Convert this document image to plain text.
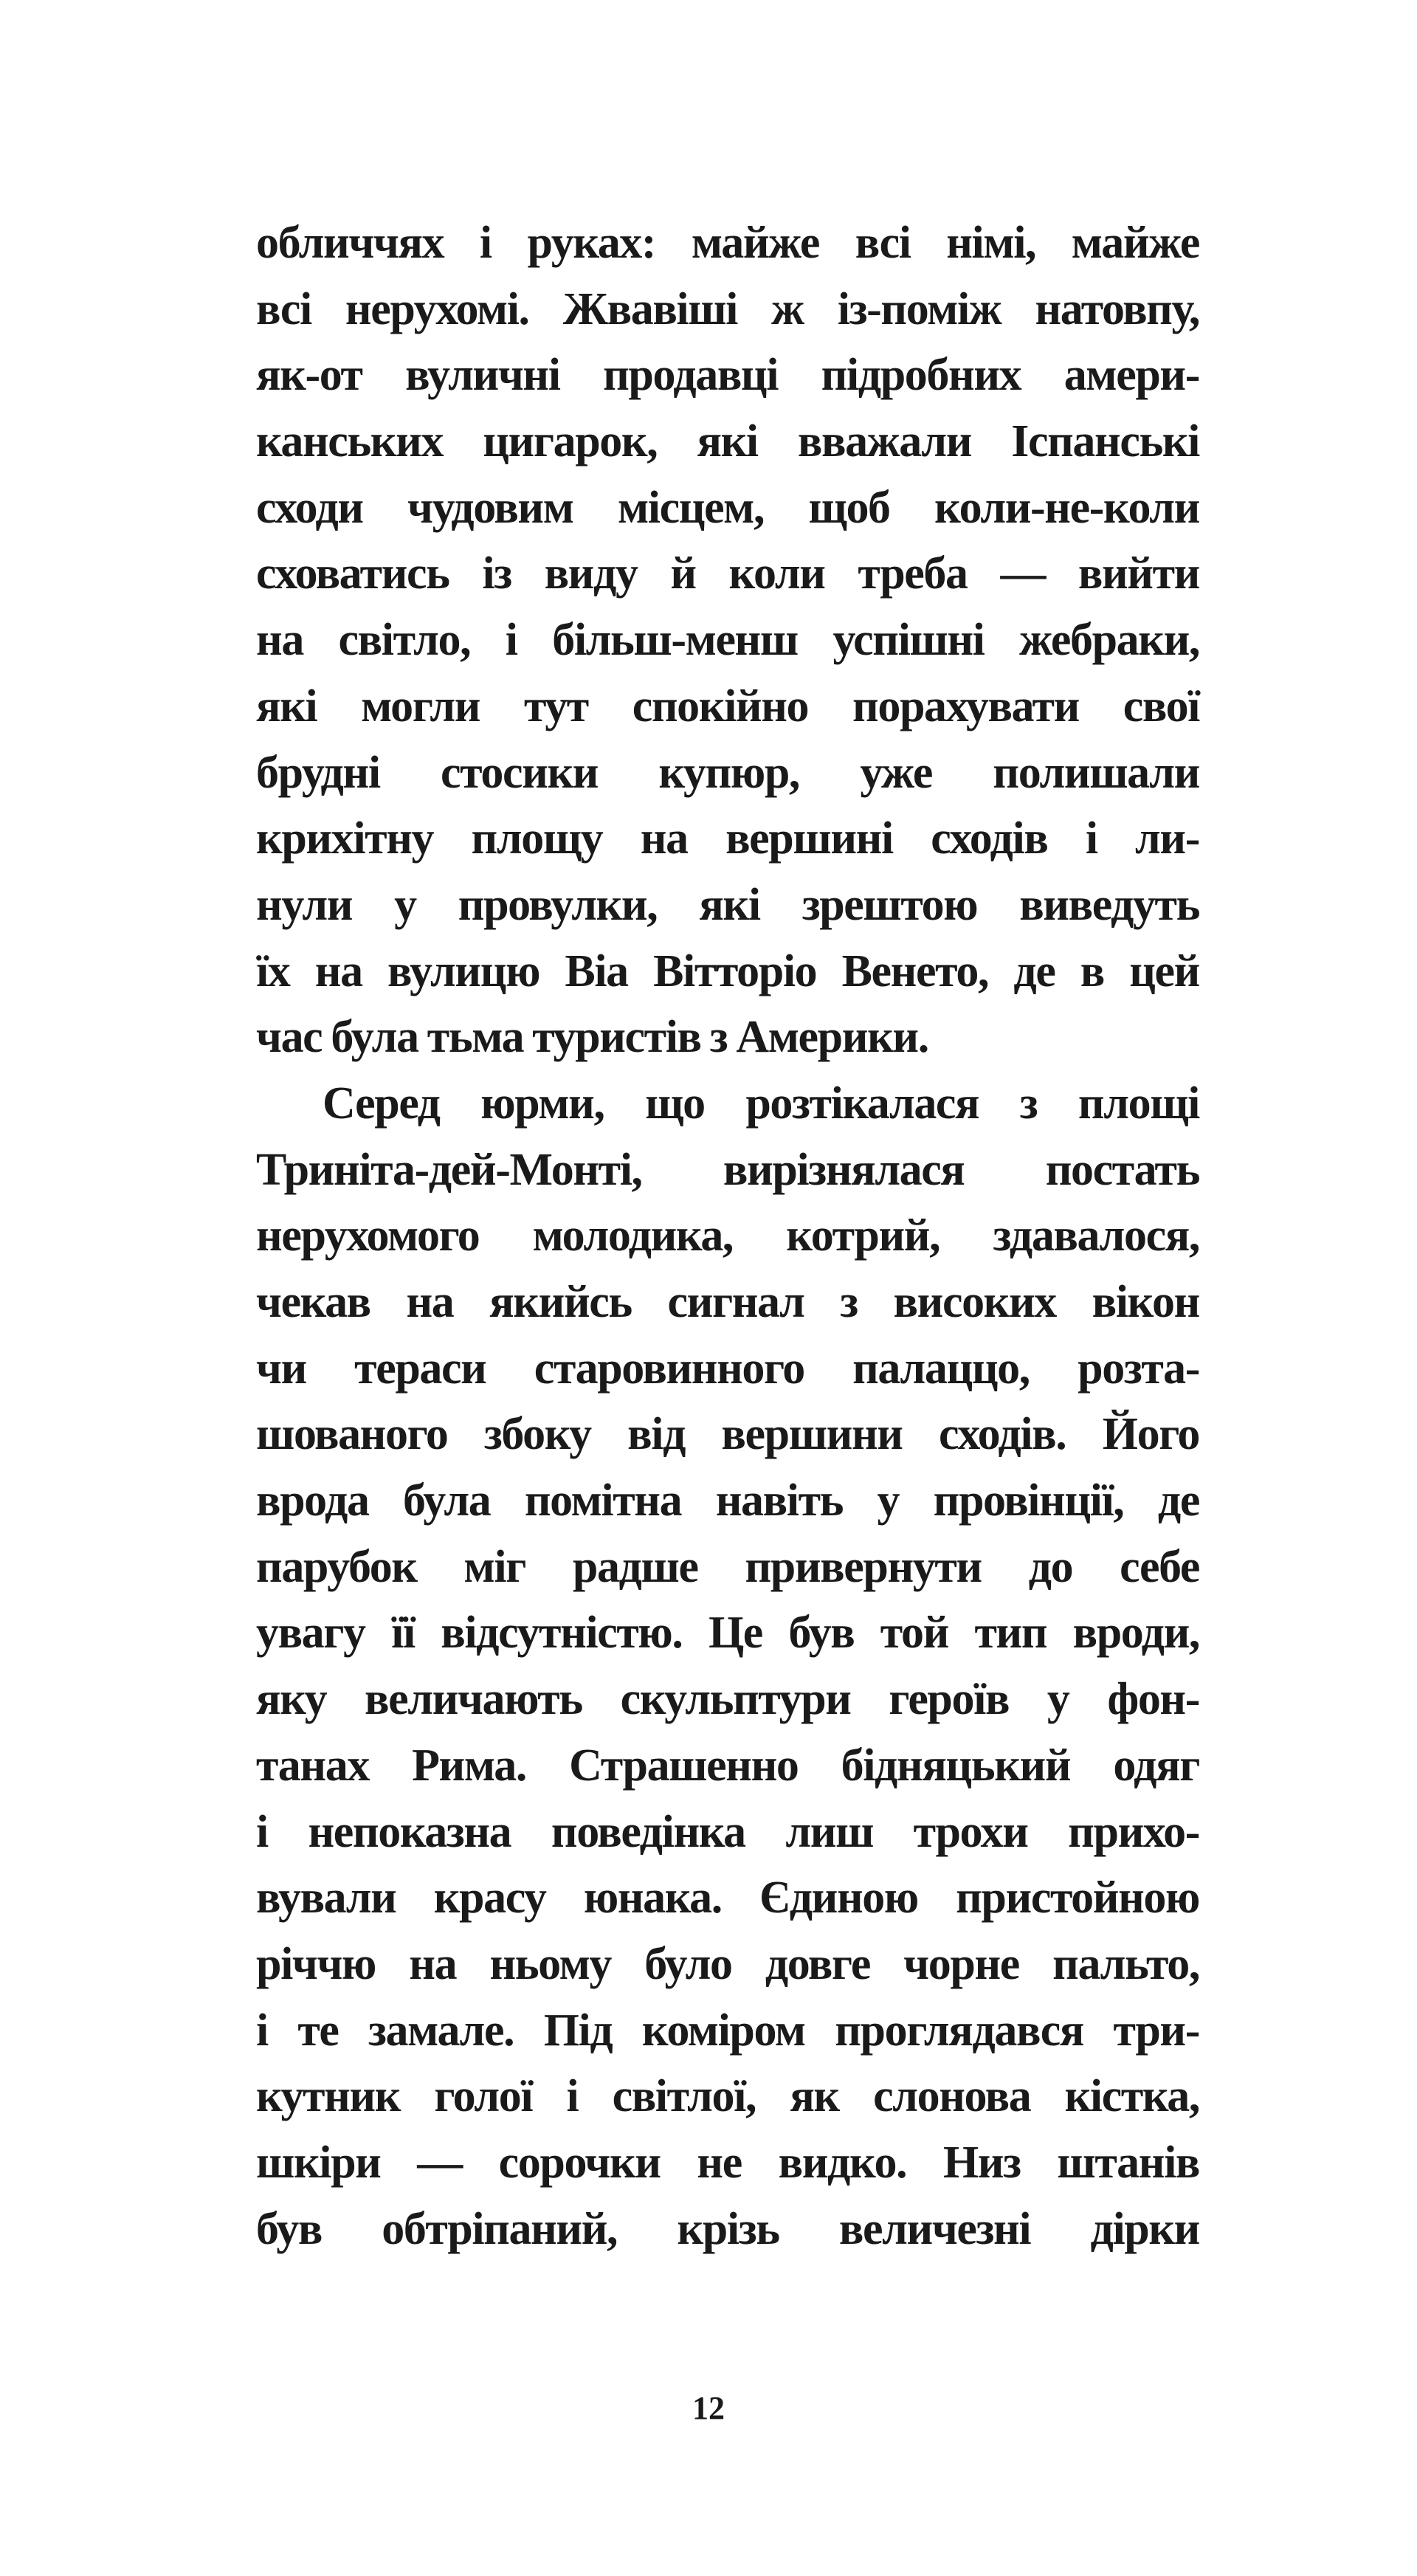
обличчях і руках: майже всі німі, майже
всі нерухомі. Жвавіші ж із-поміж натовпу,
як-от вуличні продавці підробних амери-
канських цигарок, які вважали Іспанські
сходи чудовим місцем, щоб коли-не-коли
сховатись із виду й коли треба — вийти
на світло, і більш-менш успішні жебраки,
які могли тут спокійно порахувати свої
брудні стосики купюр, уже полишали
крихітну площу на вершині сходів і ли-
нули у провулки, які зрештою виведуть
їх на вулицю Віа Вітторіо Венето, де в цей
час була тьма туристів з Америки.
Серед юрми, що розтікалася з площі
Триніта-дей-Монті, вирізнялася постать
нерухомого молодика, котрий, здавалося,
чекав на якийсь сигнал з високих вікон
чи тераси старовинного палаццо, розта-
шованого збоку від вершини сходів. Його
врода була помітна навіть у провінції, де
парубок міг радше привернути до себе
увагу її відсутністю. Це був той тип вроди,
яку величають скульптури героїв у фон-
танах Рима. Страшенно бідняцький одяг
і непоказна поведінка лиш трохи прихо-
вували красу юнака. Єдиною пристойною
річчю на ньому було довге чорне пальто,
і те замале. Під коміром проглядався три-
кутник голої і світлої, як слонова кістка,
шкіри — сорочки не видко. Низ штанів
був обтріпаний, крізь величезні дірки
12
